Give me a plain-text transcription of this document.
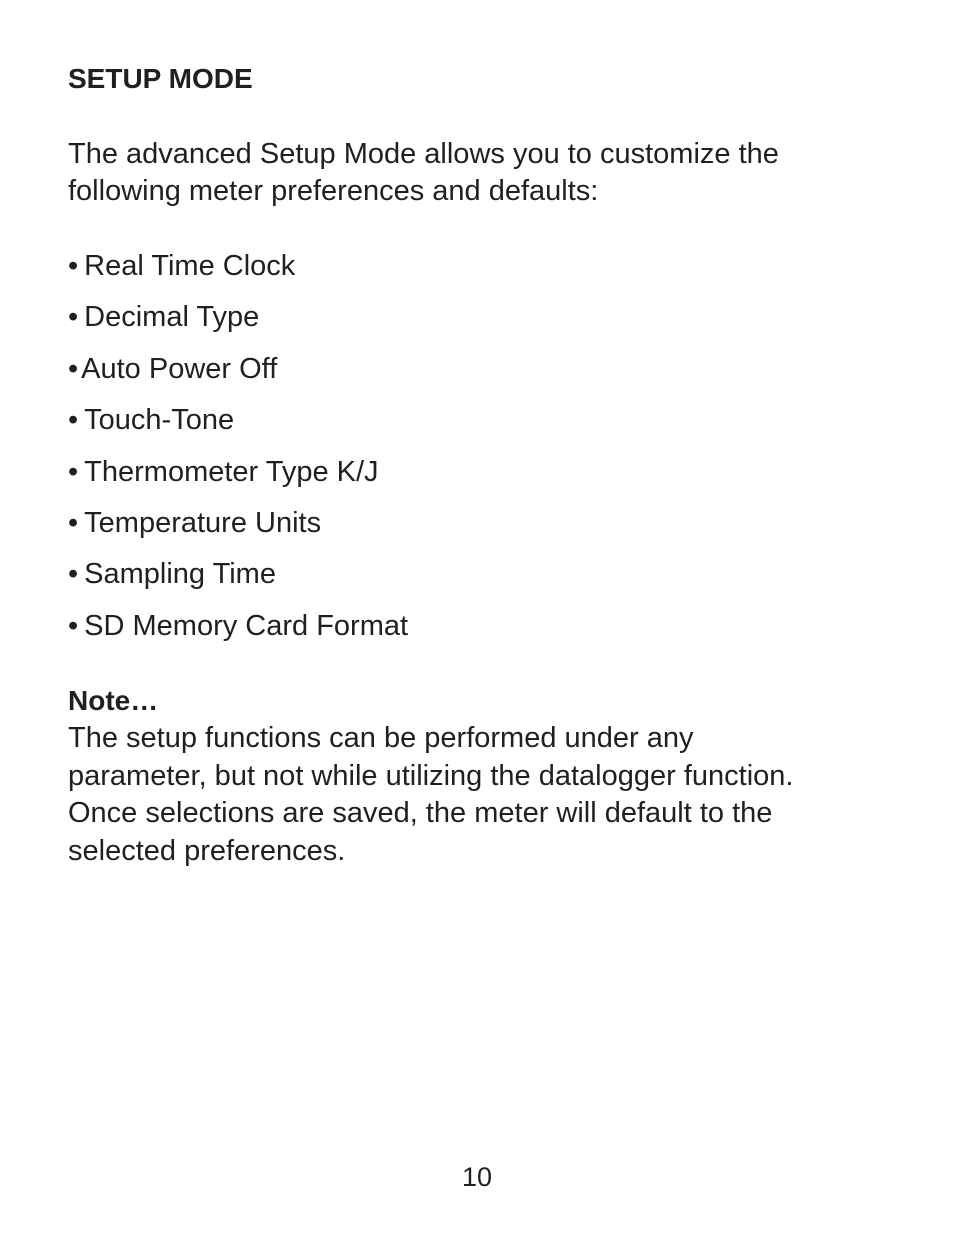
SETUP MODE

The advanced Setup Mode allows you to customize the
following meter preferences and defaults:

• Real Time Clock
• Decimal Type
• Auto Power Off
• Touch-Tone
• Thermometer Type K/J
• Temperature Units
• Sampling Time
• SD Memory Card Format
Note…

The setup functions can be performed under any
parameter, but not while utilizing the datalogger function.
Once selections are saved, the meter will default to the
selected preferences.

10
